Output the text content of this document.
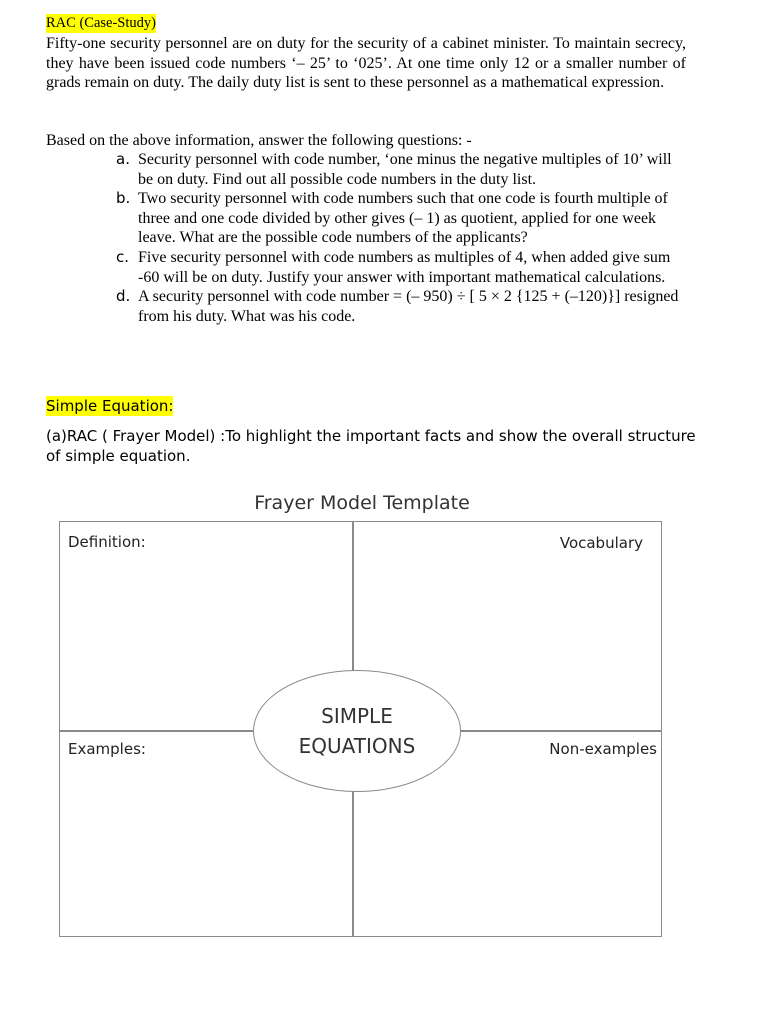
RAC (Case-Study)
Fifty-one security personnel are on duty for the security of a cabinet minister. To maintain secrecy, they have been issued code numbers ‘– 25’ to ‘025’. At one time only 12 or a smaller number of grads remain on duty. The daily duty list is sent to these personnel as a mathematical expression.
Based on the above information, answer the following questions: -
a. Security personnel with code number, ‘one minus the negative multiples of 10’ will be on duty. Find out all possible code numbers in the duty list.
b. Two security personnel with code numbers such that one code is fourth multiple of three and one code divided by other gives (– 1) as quotient, applied for one week leave. What are the possible code numbers of the applicants?
c. Five security personnel with code numbers as multiples of 4, when added give sum -60 will be on duty. Justify your answer with important mathematical calculations.
d. A security personnel with code number = (– 950) ÷ [ 5 × 2 {125 + (–120)}] resigned from his duty. What was his code.
Simple Equation:
(a)RAC ( Frayer Model) :To highlight the important facts and show the overall structure of simple equation.
Frayer Model Template
Definition:	Vocabulary
Examples:	Non-examples
SIMPLE
EQUATIONS
